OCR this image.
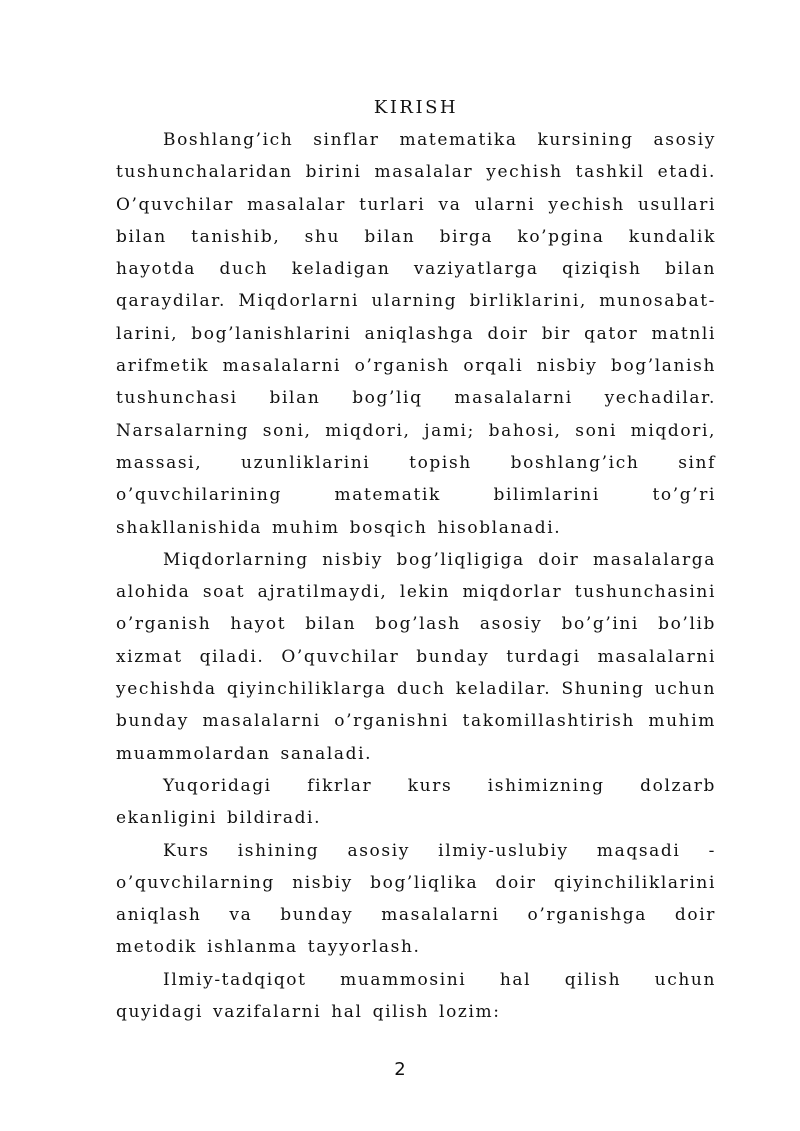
KIRISH

Boshlang’ich sinflar matematika kursining asosiy tushunchalaridan birini masalalar yechish tashkil etadi. O’quvchilar masalalar turlari va ularni yechish usullari bilan tanishib, shu bilan birga ko’pgina kundalik hayotda duch keladigan vaziyatlarga qiziqish bilan qaraydilar. Miqdorlarni ularning birliklarini, munosabat-larini, bog’lanishlarini aniqlashga doir bir qator matnli arifmetik masalalarni o’rganish orqali nisbiy bog’lanish tushunchasi bilan bog’liq masalalarni yechadilar. Narsalarning soni, miqdori, jami; bahosi, soni miqdori, massasi, uzunliklarini topish boshlang’ich sinf o’quvchilarining matematik bilimlarini to’g’ri shakllanishida muhim bosqich hisoblanadi.

Miqdorlarning nisbiy bog’liqligiga doir masalalarga alohida soat ajratilmaydi, lekin miqdorlar tushunchasini o’rganish hayot bilan bog’lash asosiy bo’g’ini bo’lib xizmat qiladi. O’quvchilar bunday turdagi masalalarni yechishda qiyinchiliklarga duch keladilar. Shuning uchun bunday masalalarni o’rganishni takomillashtirish muhim muammolardan sanaladi.

Yuqoridagi fikrlar kurs ishimizning dolzarb ekanligini bildiradi.

Kurs ishining asosiy ilmiy-uslubiy maqsadi - o’quvchilarning nisbiy bog’liqlika doir qiyinchiliklarini aniqlash va bunday masalalarni o’rganishga doir metodik ishlanma tayyorlash.

Ilmiy-tadqiqot muammosini hal qilish uchun quyidagi vazifalarni hal qilish lozim:

2
